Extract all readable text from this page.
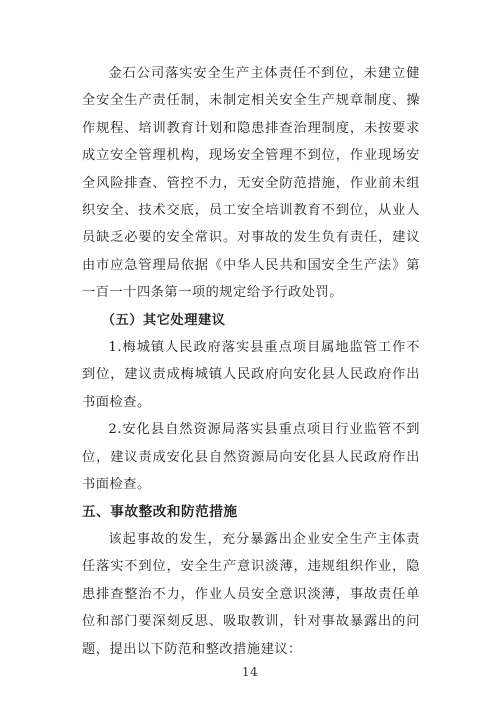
金石公司落实安全生产主体责任不到位，未建立健全安全生产责任制，未制定相关安全生产规章制度、操作规程、培训教育计划和隐患排查治理制度，未按要求成立安全管理机构，现场安全管理不到位，作业现场安全风险排查、管控不力，无安全防范措施，作业前未组织安全、技术交底，员工安全培训教育不到位，从业人员缺乏必要的安全常识。对事故的发生负有责任，建议由市应急管理局依据《中华人民共和国安全生产法》第一百一十四条第一项的规定给予行政处罚。

（五）其它处理建议

1.梅城镇人民政府落实县重点项目属地监管工作不到位，建议责成梅城镇人民政府向安化县人民政府作出书面检查。

2.安化县自然资源局落实县重点项目行业监管不到位，建议责成安化县自然资源局向安化县人民政府作出书面检查。

五、事故整改和防范措施

该起事故的发生，充分暴露出企业安全生产主体责任落实不到位，安全生产意识淡薄，违规组织作业，隐患排查整治不力，作业人员安全意识淡薄，事故责任单位和部门要深刻反思、吸取教训，针对事故暴露出的问题，提出以下防范和整改措施建议：

14
